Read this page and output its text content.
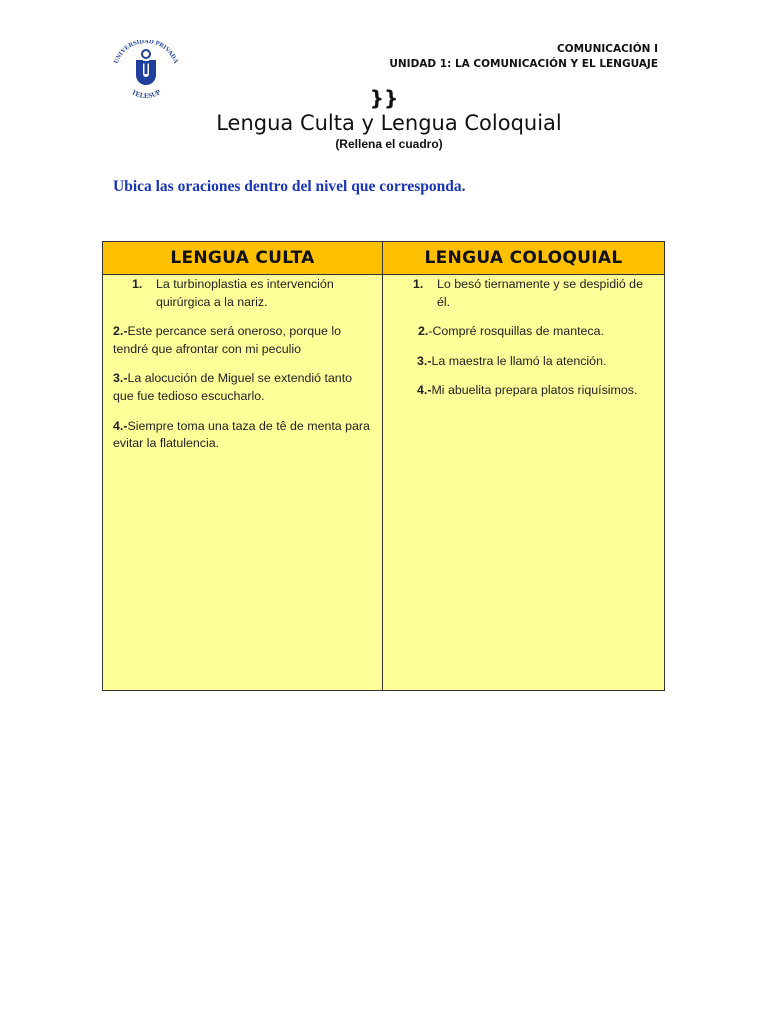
UNIVERSIDAD PRIVADA
TELESUP
COMUNICACIÓN I
UNIDAD 1: LA COMUNICACIÓN Y EL LENGUAJE
}}
Lengua Culta y Lengua Coloquial
(Rellena el cuadro)
Ubica las oraciones dentro del nivel que corresponda.
LENGUA CULTA	LENGUA COLOQUIAL
1. La turbinoplastia es intervención quirúrgica a la nariz.
2.-Este percance será oneroso, porque lo tendré que afrontar con mi peculio
3.-La alocución de Miguel se extendió tanto que fue tedioso escucharlo.
4.-Siempre toma una taza de tê de menta para evitar la flatulencia.
1. Lo besó tiernamente y se despidió de él.
2.-Compré rosquillas de manteca.
3.-La maestra le llamó la atención.
4.-Mi abuelita prepara platos riquísimos.
